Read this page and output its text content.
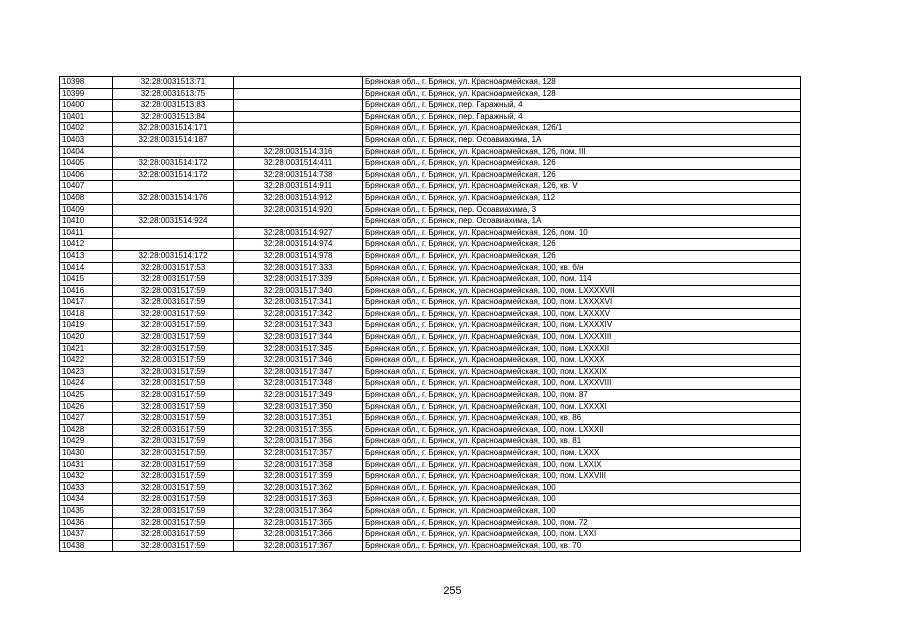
10398	32:28:0031513:71		Брянская обл., г. Брянск, ул. Красноармейская, 128
10399	32:28:0031513:75		Брянская обл., г. Брянск, ул. Красноармейская, 128
10400	32:28:0031513:83		Брянская обл., г. Брянск, пер. Гаражный, 4
10401	32:28:0031513:84		Брянская обл., г. Брянск, пер. Гаражный, 4
10402	32:28:0031514:171		Брянская обл., г. Брянск, ул. Красноармейская, 126/1
10403	32:28:0031514:187		Брянская обл., г. Брянск, пер. Осоавиахима, 1А
10404		32:28:0031514:316	Брянская обл., г. Брянск, ул. Красноармейская, 126, пом. III
10405	32:28:0031514:172	32:28:0031514:411	Брянская обл., г. Брянск, ул. Красноармейская, 126
10406	32:28:0031514:172	32:28:0031514:738	Брянская обл., г. Брянск, ул. Красноармейская, 126
10407		32:28:0031514:911	Брянская обл., г. Брянск, ул. Красноармейская, 126, кв. V
10408	32:28:0031514:176	32:28:0031514:912	Брянская обл., г. Брянск, ул. Красноармейская, 112
10409		32:28:0031514:920	Брянская обл., г. Брянск, пер. Осоавиахима, 3
10410	32:28:0031514:924		Брянская обл., г. Брянск, пер. Осоавиахима, 1А
10411		32:28:0031514:927	Брянская обл., г. Брянск, ул. Красноармейская, 126, пом. 10
10412		32:28:0031514:974	Брянская обл., г. Брянск, ул. Красноармейская, 126
10413	32:28:0031514:172	32:28:0031514:978	Брянская обл., г. Брянск, ул. Красноармейская, 126
10414	32:28:0031517:53	32:28:0031517:333	Брянская обл., г. Брянск, ул. Красноармейская, 100, кв. б/н
10415	32:28:0031517:59	32:28:0031517:339	Брянская обл., г. Брянск, ул. Красноармейская, 100, пом. 114
10416	32:28:0031517:59	32:28:0031517:340	Брянская обл., г. Брянск, ул. Красноармейская, 100, пом. LXXXXVII
10417	32:28:0031517:59	32:28:0031517:341	Брянская обл., г. Брянск, ул. Красноармейская, 100, пом. LXXXXVI
10418	32:28:0031517:59	32:28:0031517:342	Брянская обл., г. Брянск, ул. Красноармейская, 100, пом. LXXXXV
10419	32:28:0031517:59	32:28:0031517:343	Брянская обл., г. Брянск, ул. Красноармейская, 100, пом. LXXXXIV
10420	32:28:0031517:59	32:28:0031517:344	Брянская обл., г. Брянск, ул. Красноармейская, 100, пом. LXXXXIII
10421	32:28:0031517:59	32:28:0031517:345	Брянская обл., г. Брянск, ул. Красноармейская, 100, пом. LXXXXII
10422	32:28:0031517:59	32:28:0031517:346	Брянская обл., г. Брянск, ул. Красноармейская, 100, пом. LXXXX
10423	32:28:0031517:59	32:28:0031517:347	Брянская обл., г. Брянск, ул. Красноармейская, 100, пом. LXXXIX
10424	32:28:0031517:59	32:28:0031517:348	Брянская обл., г. Брянск, ул. Красноармейская, 100, пом. LXXXVIII
10425	32:28:0031517:59	32:28:0031517:349	Брянская обл., г. Брянск, ул. Красноармейская, 100, пом. 87
10426	32:28:0031517:59	32:28:0031517:350	Брянская обл., г. Брянск, ул. Красноармейская, 100, пом. LXXXXI
10427	32:28:0031517:59	32:28:0031517:351	Брянская обл., г. Брянск, ул. Красноармейская, 100, кв. 86
10428	32:28:0031517:59	32:28:0031517:355	Брянская обл., г. Брянск, ул. Красноармейская, 100, пом. LXXXII
10429	32:28:0031517:59	32:28:0031517:356	Брянская обл., г. Брянск, ул. Красноармейская, 100, кв. 81
10430	32:28:0031517:59	32:28:0031517:357	Брянская обл., г. Брянск, ул. Красноармейская, 100, пом. LXXX
10431	32:28:0031517:59	32:28:0031517:358	Брянская обл., г. Брянск, ул. Красноармейская, 100, пом. LXXIX
10432	32:28:0031517:59	32:28:0031517:359	Брянская обл., г. Брянск, ул. Красноармейская, 100, пом. LXXVIII
10433	32:28:0031517:59	32:28:0031517:362	Брянская обл., г. Брянск, ул. Красноармейская, 100
10434	32:28:0031517:59	32:28:0031517:363	Брянская обл., г. Брянск, ул. Красноармейская, 100
10435	32:28:0031517:59	32:28:0031517:364	Брянская обл., г. Брянск, ул. Красноармейская, 100
10436	32:28:0031517:59	32:28:0031517:365	Брянская обл., г. Брянск, ул. Красноармейская, 100, пом. 72
10437	32:28:0031517:59	32:28:0031517:366	Брянская обл., г. Брянск, ул. Красноармейская, 100, пом. LXXI
10438	32:28:0031517:59	32:28:0031517:367	Брянская обл., г. Брянск, ул. Красноармейская, 100, кв. 70
255
